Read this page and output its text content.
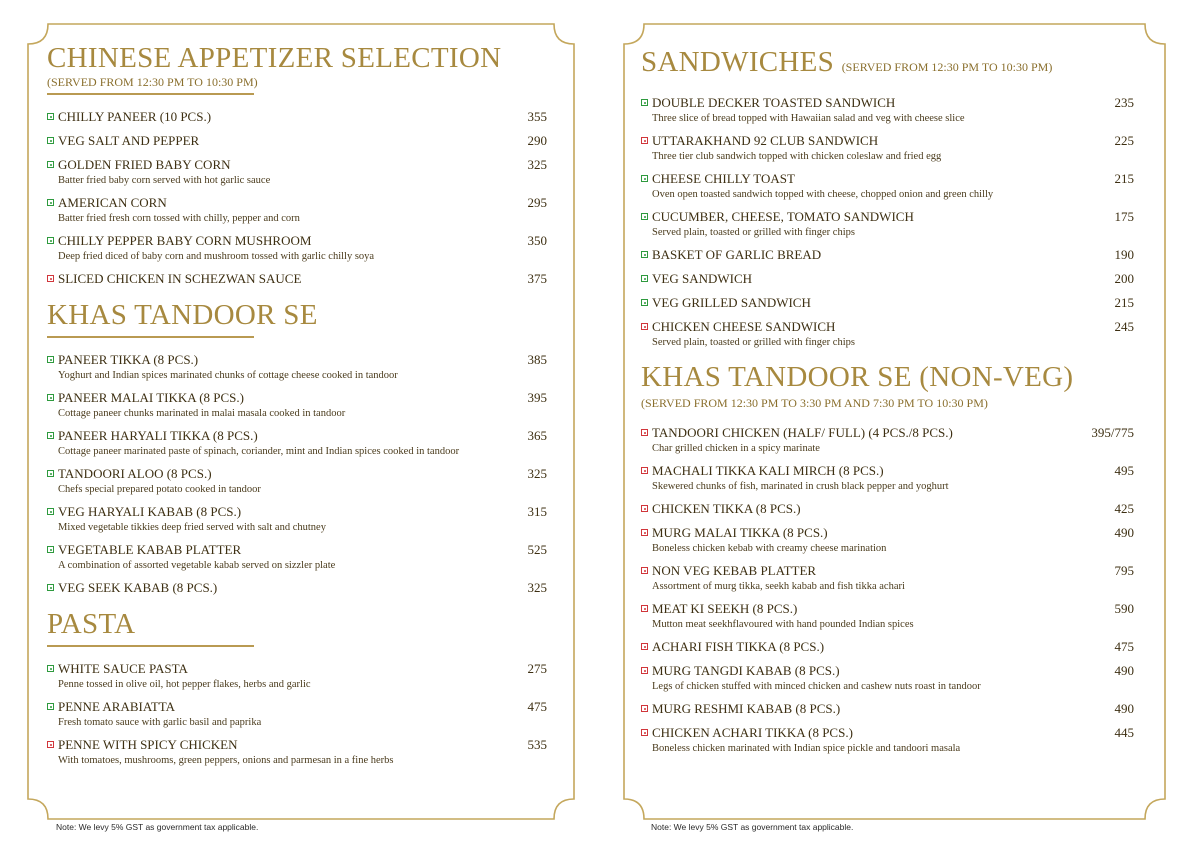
CHINESE APPETIZER SELECTION
(SERVED FROM 12:30 PM TO 10:30 PM)
CHILLY PANEER (10 PCS.)	355
VEG SALT AND PEPPER	290
GOLDEN FRIED BABY CORN	325
Batter fried baby corn served with hot garlic sauce
AMERICAN CORN	295
Batter fried fresh corn tossed with chilly, pepper and corn
CHILLY PEPPER BABY CORN MUSHROOM	350
Deep fried diced of baby corn and mushroom tossed with garlic chilly soya
SLICED CHICKEN IN SCHEZWAN SAUCE	375
KHAS TANDOOR SE
PANEER TIKKA (8 PCS.)	385
Yoghurt and Indian spices marinated chunks of cottage cheese cooked in tandoor
PANEER MALAI TIKKA (8 PCS.)	395
Cottage paneer chunks marinated in malai masala cooked in tandoor
PANEER HARYALI TIKKA (8 PCS.)	365
Cottage paneer marinated paste of spinach, coriander, mint and Indian spices cooked in tandoor
TANDOORI ALOO (8 PCS.)	325
Chefs special prepared potato cooked in tandoor
VEG HARYALI KABAB (8 PCS.)	315
Mixed vegetable tikkies deep fried served with salt and chutney
VEGETABLE KABAB PLATTER	525
A combination of assorted vegetable kabab served on sizzler plate
VEG SEEK KABAB (8 PCS.)	325
PASTA
WHITE SAUCE PASTA	275
Penne tossed in olive oil, hot pepper flakes, herbs and garlic
PENNE ARABIATTA	475
Fresh tomato sauce with garlic basil and paprika
PENNE WITH SPICY CHICKEN	535
With tomatoes, mushrooms, green peppers, onions and parmesan in a fine herbs
SANDWICHES (SERVED FROM 12:30 PM TO 10:30 PM)
DOUBLE DECKER TOASTED SANDWICH	235
Three slice of bread topped with Hawaiian salad and veg with cheese slice
UTTARAKHAND 92 CLUB SANDWICH	225
Three tier club sandwich topped with chicken coleslaw and fried egg
CHEESE CHILLY TOAST	215
Oven open toasted sandwich topped with cheese, chopped onion and green chilly
CUCUMBER, CHEESE, TOMATO SANDWICH	175
Served plain, toasted or grilled with finger chips
BASKET OF GARLIC BREAD	190
VEG SANDWICH	200
VEG GRILLED SANDWICH	215
CHICKEN CHEESE SANDWICH	245
Served plain, toasted or grilled with finger chips
KHAS TANDOOR SE (NON-VEG)
(SERVED FROM 12:30 PM TO 3:30 PM AND 7:30 PM TO 10:30 PM)
TANDOORI CHICKEN (HALF/ FULL) (4 PCS./8 PCS.)	395/775
Char grilled chicken in a spicy marinate
MACHALI TIKKA KALI MIRCH (8 PCS.)	495
Skewered chunks of fish, marinated in crush black pepper and yoghurt
CHICKEN TIKKA (8 PCS.)	425
MURG MALAI TIKKA (8 PCS.)	490
Boneless chicken kebab with creamy cheese marination
NON VEG KEBAB PLATTER	795
Assortment of murg tikka, seekh kabab and fish tikka achari
MEAT KI SEEKH (8 PCS.)	590
Mutton meat seekhflavoured with hand pounded Indian spices
ACHARI FISH TIKKA (8 PCS.)	475
MURG TANGDI KABAB (8 PCS.)	490
Legs of chicken stuffed with minced chicken and cashew nuts roast in tandoor
MURG RESHMI KABAB (8 PCS.)	490
CHICKEN ACHARI TIKKA (8 PCS.)	445
Boneless chicken marinated with Indian spice pickle and tandoori masala
Note: We levy 5% GST as government tax applicable.	Note: We levy 5% GST as government tax applicable.
